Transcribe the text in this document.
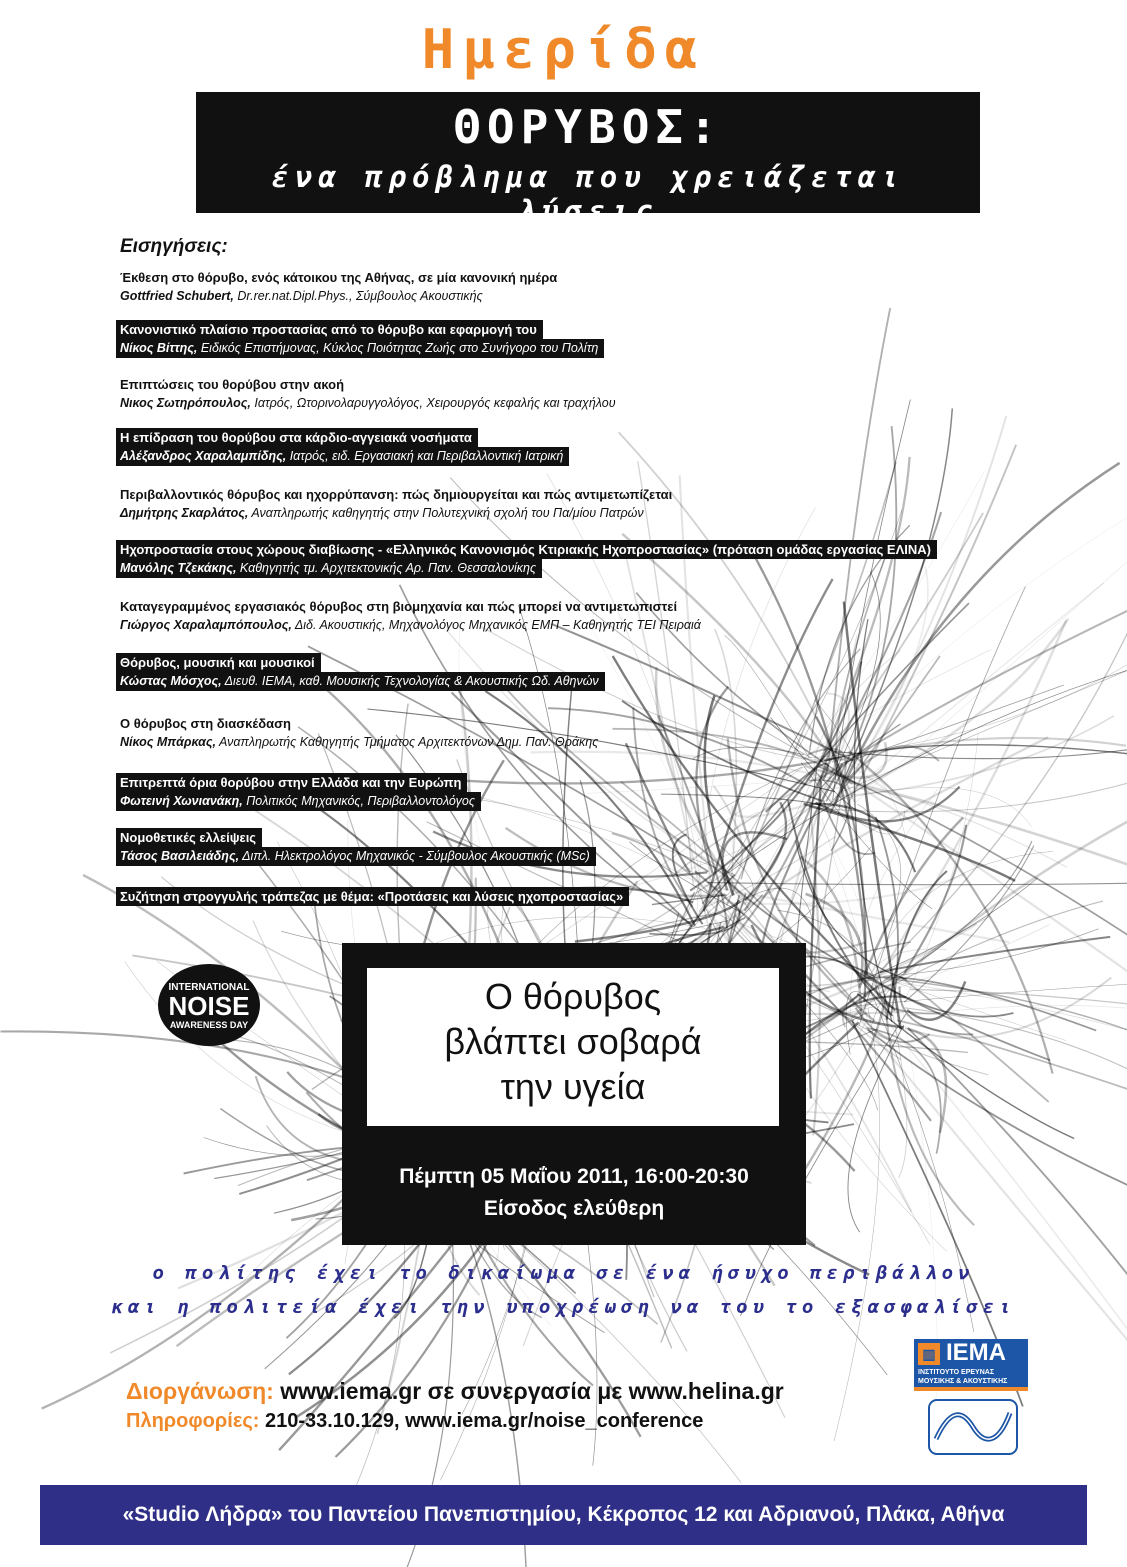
Ημερίδα
ΘΟΡΥΒΟΣ:
ένα πρόβλημα που χρειάζεται λύσεις
Εισηγήσεις:
Έκθεση στο θόρυβο, ενός κάτοικου της Αθήνας, σε μία κανονική ημέρα
Gottfried Schubert, Dr.rer.nat.Dipl.Phys., Σύμβουλος Ακουστικής
Κανονιστικό πλαίσιο προστασίας από το θόρυβο και εφαρμογή του
Νίκος Βίττης, Ειδικός Επιστήμονας, Κύκλος Ποιότητας Ζωής στο Συνήγορο του Πολίτη
Επιπτώσεις του θορύβου στην ακοή
Νικος Σωτηρόπουλος, Ιατρός, Ωτορινολαρυγγολόγος, Χειρουργός κεφαλής και τραχήλου
Η επίδραση του θορύβου στα κάρδιο-αγγειακά νοσήματα
Αλέξανδρος Χαραλαμπίδης, Ιατρός, ειδ. Εργασιακή και Περιβαλλοντική Ιατρική
Περιβαλλοντικός θόρυβος και ηχορρύπανση: πώς δημιουργείται και πώς αντιμετωπίζεται
Δημήτρης Σκαρλάτος, Αναπληρωτής καθηγητής στην Πολυτεχνική σχολή του Πα/μίου Πατρών
Ηχοπροστασία στους χώρους διαβίωσης - «Ελληνικός Κανονισμός Κτιριακής Ηχοπροστασίας» (πρόταση ομάδας εργασίας ΕΛΙΝΑ)
Μανόλης Τζεκάκης, Καθηγητής τμ. Αρχιτεκτονικής Αρ. Παν. Θεσσαλονίκης
Καταγεγραμμένος εργασιακός θόρυβος στη βιομηχανία και πώς μπορεί να αντιμετωπιστεί
Γιώργος Χαραλαμπόπουλος, Διδ. Ακουστικής, Μηχανολόγος Μηχανικός ΕΜΠ – Καθηγητής ΤΕΙ Πειραιά
Θόρυβος, μουσική και μουσικοί
Κώστας Μόσχος, Διευθ. ΙΕΜΑ, καθ. Μουσικής Τεχνολογίας & Ακουστικής Ωδ. Αθηνών
Ο θόρυβος στη διασκέδαση
Νίκος Μπάρκας, Αναπληρωτής Καθηγητής Τμήματος Αρχιτεκτόνων Δημ. Παν. Θράκης
Επιτρεπτά όρια θορύβου στην Ελλάδα και την Ευρώπη
Φωτεινή Χωνιανάκη, Πολιτικός Μηχανικός, Περιβαλλοντολόγος
Νομοθετικές ελλείψεις
Τάσος Βασιλειάδης, Διπλ. Ηλεκτρολόγος Μηχανικός - Σύμβουλος Ακουστικής (MSc)
Συζήτηση στρογγυλής τράπεζας με θέμα: «Προτάσεις και λύσεις ηχοπροστασίας»
INTERNATIONAL
NOISE
AWARENESS DAY
Ο θόρυβος
βλάπτει σοβαρά
την υγεία
Πέμπτη 05 Μαΐου 2011, 16:00-20:30
Είσοδος ελεύθερη
ο πολίτης έχει το δικαίωμα σε ένα ήσυχο περιβάλλον
και η πολιτεία έχει την υποχρέωση να του το εξασφαλίσει
Διοργάνωση: www.iema.gr σε συνεργασία με www.helina.gr
Πληροφορίες: 210-33.10.129, www.iema.gr/noise_conference
▥ IEMA
ΙΝΣΤΙΤΟΥΤΟ ΕΡΕΥΝΑΣ
ΜΟΥΣΙΚΗΣ & ΑΚΟΥΣΤΙΚΗΣ
«Studio Λήδρα» του Παντείου Πανεπιστημίου, Κέκροπος 12 και Αδριανού, Πλάκα, Αθήνα
